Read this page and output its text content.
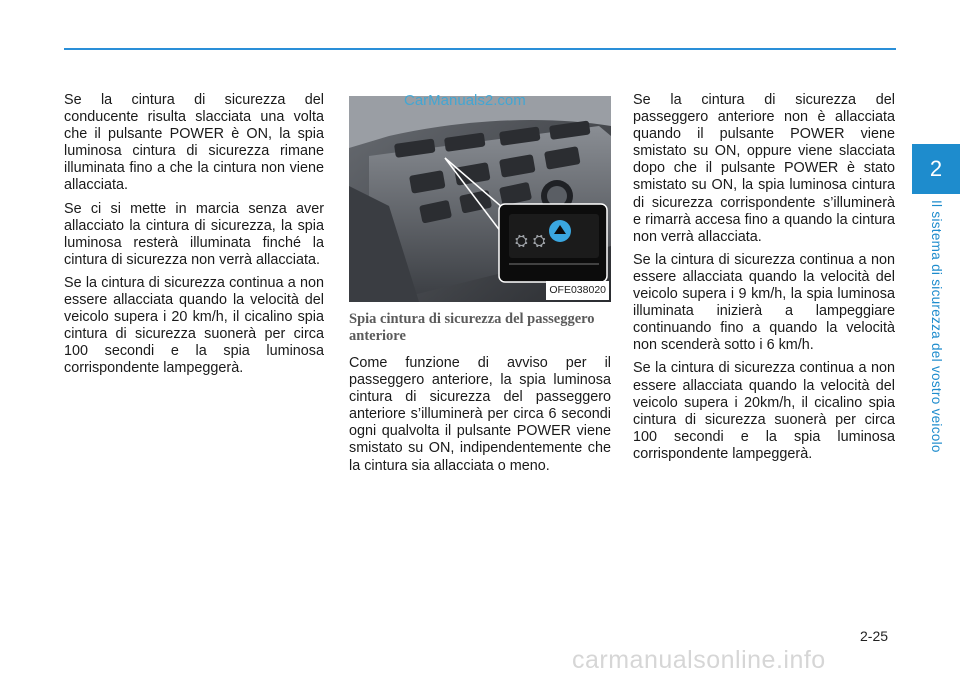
Se la cintura di sicurezza del conducente risulta slacciata una volta che il pulsante POWER è ON, la spia luminosa cintura di sicurezza rimane illuminata fino a che la cintura non viene allacciata.

Se ci si mette in marcia senza aver allacciato la cintura di sicurezza, la spia luminosa resterà illuminata finché la cintura di sicurezza non verrà allacciata.

Se la cintura di sicurezza continua a non essere allacciata quando la velocità del veicolo supera i 20 km/h, il cicalino spia cintura di sicurezza suonerà per circa 100 secondi e la spia luminosa corrispondente lampeggerà.

⛭ ⛭
OFE038020
Spia cintura di sicurezza del passeggero anteriore

Come funzione di avviso per il passeggero anteriore, la spia luminosa cintura di sicurezza del passeggero anteriore s’illuminerà per circa 6 secondi ogni qualvolta il pulsante POWER viene smistato su ON, indipendentemente che la cintura sia allacciata o meno.

CarManuals2.com	Se la cintura di sicurezza del passeggero anteriore non è allacciata quando il pulsante POWER viene smistato su ON, oppure viene slacciata dopo che il pulsante POWER è stato smistato su ON, la spia luminosa cintura di sicurezza corrispondente s’illuminerà e rimarrà accesa fino a quando la cintura non verrà allacciata.

Se la cintura di sicurezza continua a non essere allacciata quando la velocità del veicolo supera i 9 km/h, la spia luminosa illuminata inizierà a lampeggiare continuando fino a quando la velocità non scenderà sotto i 6 km/h.

Se la cintura di sicurezza continua a non essere allacciata quando la velocità del veicolo supera i 20km/h, il cicalino spia cintura di sicurezza suonerà per circa 100 secondi e la spia luminosa corrispondente lampeggerà.

2
Il sistema di sicurezza del vostro veicolo
2-25
carmanualsonline.info
